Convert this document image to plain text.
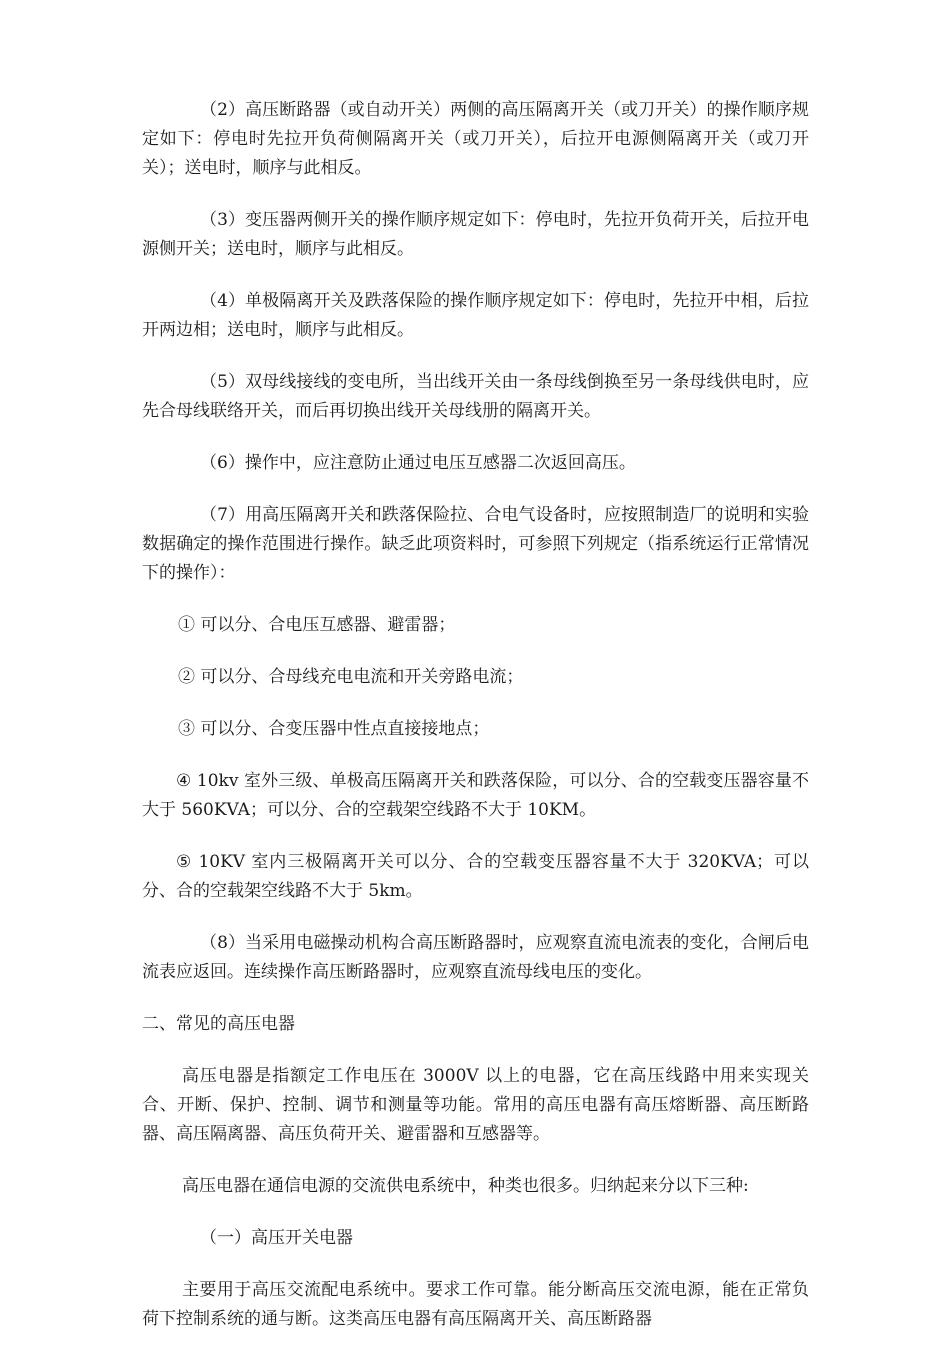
（2）高压断路器（或自动开关）两侧的高压隔离开关（或刀开关）的操作顺序规定如下：停电时先拉开负荷侧隔离开关（或刀开关），后拉开电源侧隔离开关（或刀开关）；送电时，顺序与此相反。

（3）变压器两侧开关的操作顺序规定如下：停电时，先拉开负荷开关，后拉开电源侧开关；送电时，顺序与此相反。

（4）单极隔离开关及跌落保险的操作顺序规定如下：停电时，先拉开中相，后拉开两边相；送电时，顺序与此相反。

（5）双母线接线的变电所，当出线开关由一条母线倒换至另一条母线供电时，应先合母线联络开关，而后再切换出线开关母线册的隔离开关。

（6）操作中，应注意防止通过电压互感器二次返回高压。

（7）用高压隔离开关和跌落保险拉、合电气设备时，应按照制造厂的说明和实验数据确定的操作范围进行操作。缺乏此项资料时，可参照下列规定（指系统运行正常情况下的操作）：

① 可以分、合电压互感器、避雷器；

② 可以分、合母线充电电流和开关旁路电流；

③ 可以分、合变压器中性点直接接地点；

④ 10kv 室外三级、单极高压隔离开关和跌落保险，可以分、合的空载变压器容量不大于 560KVA；可以分、合的空载架空线路不大于 10KM。

⑤ 10KV 室内三极隔离开关可以分、合的空载变压器容量不大于 320KVA；可以分、合的空载架空线路不大于 5km。

（8）当采用电磁操动机构合高压断路器时，应观察直流电流表的变化，合闸后电流表应返回。连续操作高压断路器时，应观察直流母线电压的变化。

二、常见的高压电器

高压电器是指额定工作电压在 3000V 以上的电器，它在高压线路中用来实现关合、开断、保护、控制、调节和测量等功能。常用的高压电器有高压熔断器、高压断路器、高压隔离器、高压负荷开关、避雷器和互感器等。

高压电器在通信电源的交流供电系统中，种类也很多。归纳起来分以下三种:

（一）高压开关电器

主要用于高压交流配电系统中。要求工作可靠。能分断高压交流电源，能在正常负荷下控制系统的通与断。这类高压电器有高压隔离开关、高压断路器
